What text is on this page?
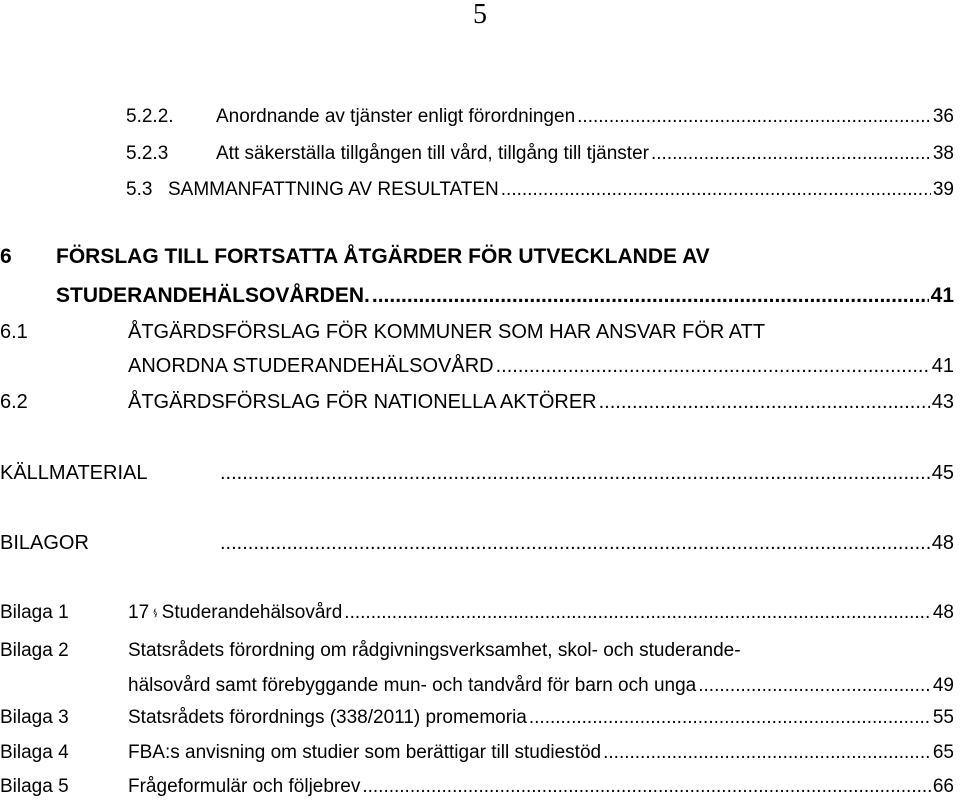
5
5.2.2.	Anordnande av tjänster enligt förordningen .....	36
5.2.3	Att säkerställa tillgången till vård, tillgång till tjänster .....	38
5.3 SAMMANFATTNING AV RESULTATEN .....	39
6 FÖRSLAG TILL FORTSATTA ÅTGÄRDER FÖR UTVECKLANDE AV
STUDERANDEHÄLSOVÅRDEN. .....	41
6.1	ÅTGÄRDSFÖRSLAG FÖR KOMMUNER SOM HAR ANSVAR FÖR ATT
ANORDNA STUDERANDEHÄLSOVÅRD .....	41
6.2	ÅTGÄRDSFÖRSLAG FÖR NATIONELLA AKTÖRER .....	43
KÄLLMATERIAL .....	45
BILAGOR .....	48
Bilaga 1	17 Studerandehälsovård .....	48
Bilaga 2	Statsrådets förordning om rådgivningsverksamhet, skol- och studerande-
hälsovård samt förebyggande mun- och tandvård för barn och unga .....	49
Bilaga 3	Statsrådets förordnings (338/2011) promemoria .....	55
Bilaga 4	FBA:s anvisning om studier som berättigar till studiestöd .....	65
Bilaga 5	Frågeformulär och följebrev .....	66
